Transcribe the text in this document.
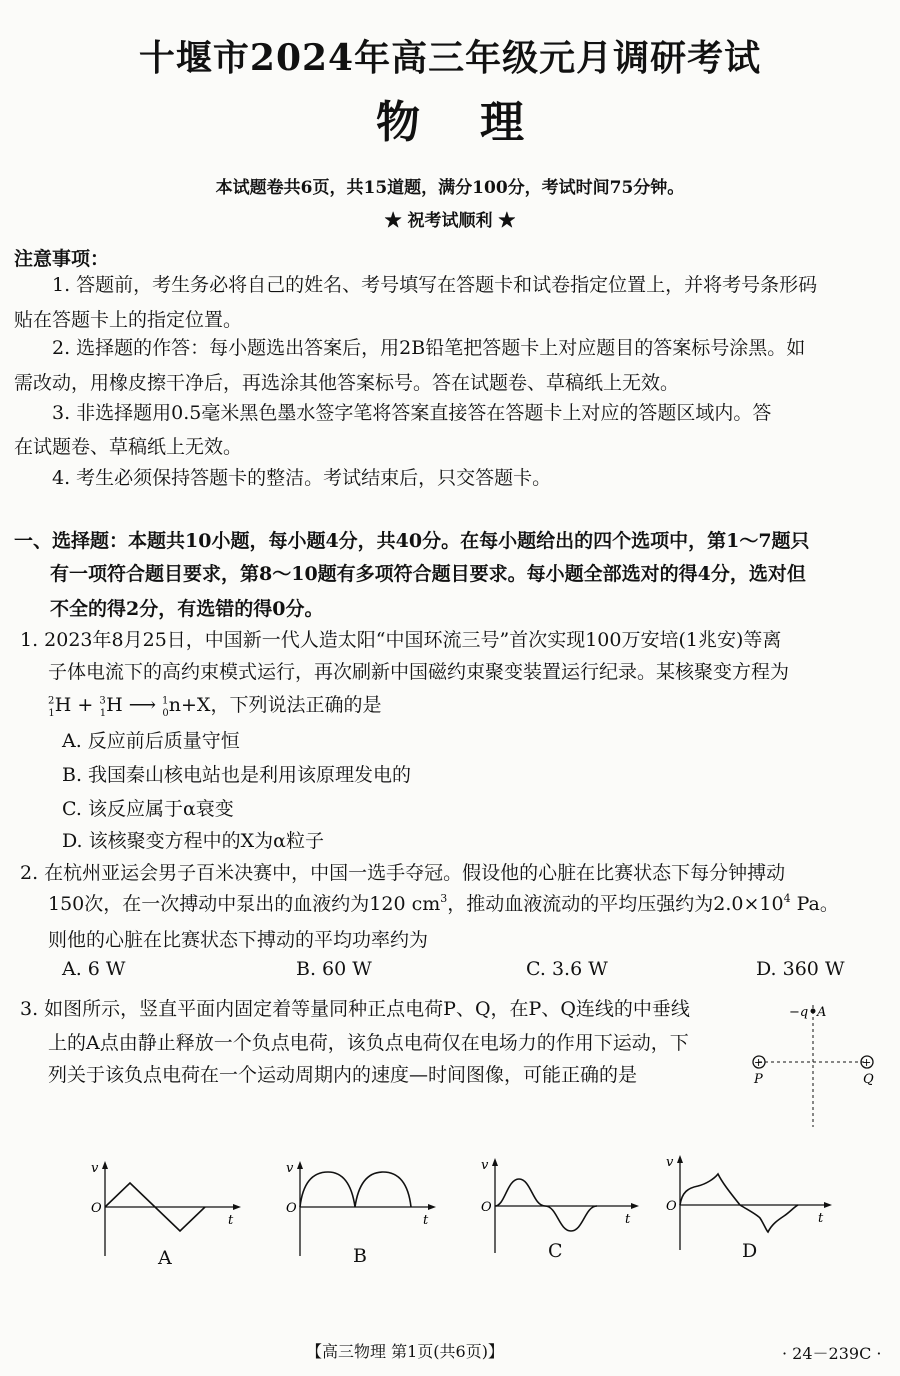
十堰市2024年高三年级元月调研考试
物理
本试题卷共6页，共15道题，满分100分，考试时间75分钟。
★ 祝考试顺利 ★
注意事项：
1. 答题前，考生务必将自己的姓名、考号填写在答题卡和试卷指定位置上，并将考号条形码
贴在答题卡上的指定位置。
2. 选择题的作答：每小题选出答案后，用2B铅笔把答题卡上对应题目的答案标号涂黑。如
需改动，用橡皮擦干净后，再选涂其他答案标号。答在试题卷、草稿纸上无效。
3. 非选择题用0.5毫米黑色墨水签字笔将答案直接答在答题卡上对应的答题区域内。答
在试题卷、草稿纸上无效。
4. 考生必须保持答题卡的整洁。考试结束后，只交答题卡。
一、选择题：本题共10小题，每小题4分，共40分。在每小题给出的四个选项中，第1～7题只
有一项符合题目要求，第8～10题有多项符合题目要求。每小题全部选对的得4分，选对但
不全的得2分，有选错的得0分。
1. 2023年8月25日，中国新一代人造太阳“中国环流三号”首次实现100万安培(1兆安)等离
子体电流下的高约束模式运行，再次刷新中国磁约束聚变装置运行纪录。某核聚变方程为
$^2_1$H + $^3_1$H ⟶ $^1_0$n+X，下列说法正确的是
A. 反应前后质量守恒
B. 我国秦山核电站也是利用该原理发电的
C. 该反应属于α衰变
D. 该核聚变方程中的X为α粒子
2. 在杭州亚运会男子百米决赛中，中国一选手夺冠。假设他的心脏在比赛状态下每分钟搏动
150次，在一次搏动中泵出的血液约为120 $cm^3$，推动血液流动的平均压强约为$2.0\times 10^4$ Pa。
则他的心脏在比赛状态下搏动的平均功率约为
A. 6 W	B. 60 W	C. 3.6 W	D. 360 W
3. 如图所示，竖直平面内固定着等量同种正点电荷P、Q，在P、Q连线的中垂线
上的A点由静止释放一个负点电荷，该负点电荷仅在电场力的作用下运动，下
列关于该负点电荷在一个运动周期内的速度—时间图像，可能正确的是
−q A
+	+
P	Q
v
O
t
A
v
O
t
B
v
O
t
C
v
O
t
D
【高三物理 第1页(共6页)】	· 24－239C ·
